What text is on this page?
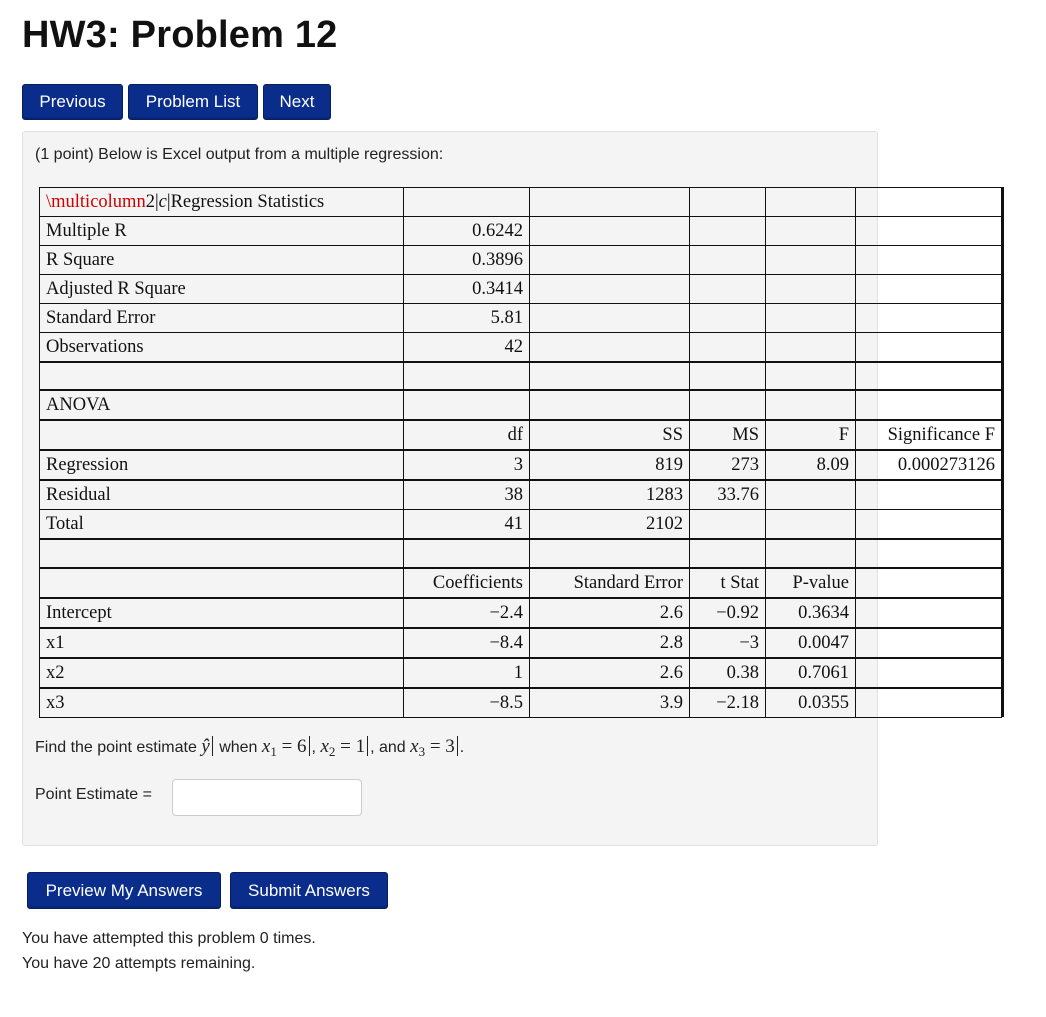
HW3: Problem 12
Previous	Problem List	Next
(1 point) Below is Excel output from a multiple regression:
\multicolumn2|c|Regression Statistics					
Multiple R	0.6242				
R Square	0.3896				
Adjusted R Square	0.3414				
Standard Error	5.81				
Observations	42				

ANOVA					
	df	SS	MS	F	Significance F
Regression	3	819	273	8.09	0.000273126
Residual	38	1283	33.76		
Total	41	2102			

	Coefficients	Standard Error	t Stat	P-value	
Intercept	−2.4	2.6	−0.92	0.3634	
x1	−8.4	2.8	−3	0.0047	
x2	1	2.6	0.38	0.7061	
x3	−8.5	3.9	−2.18	0.0355	
Find the point estimate ŷ when $x_1 = 6$ , $x_2 = 1$ , and $x_3 = 3$ .
Point Estimate =
Preview My Answers	Submit Answers
You have attempted this problem 0 times.
You have 20 attempts remaining.
